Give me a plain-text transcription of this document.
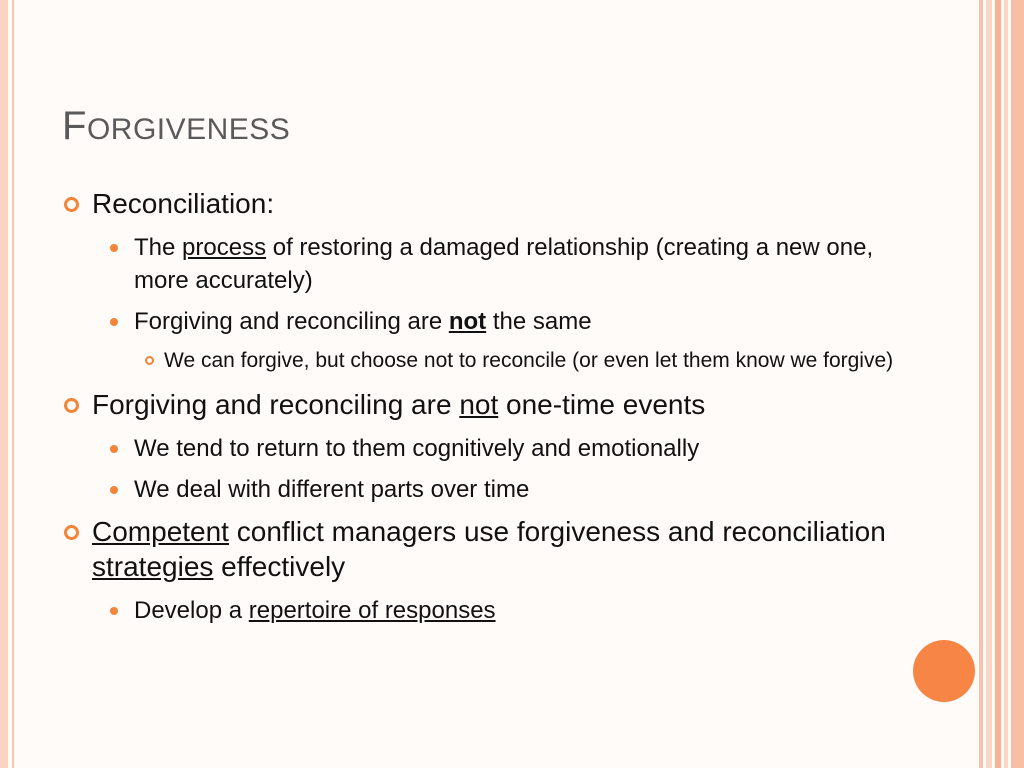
FORGIVENESS
Reconciliation:
The process of restoring a damaged relationship (creating a new one, more accurately)
Forgiving and reconciling are not the same
We can forgive, but choose not to reconcile (or even let them know we forgive)
Forgiving and reconciling are not one-time events
We tend to return to them cognitively and emotionally
We deal with different parts over time
Competent conflict managers use forgiveness and reconciliation strategies effectively
Develop a repertoire of responses
